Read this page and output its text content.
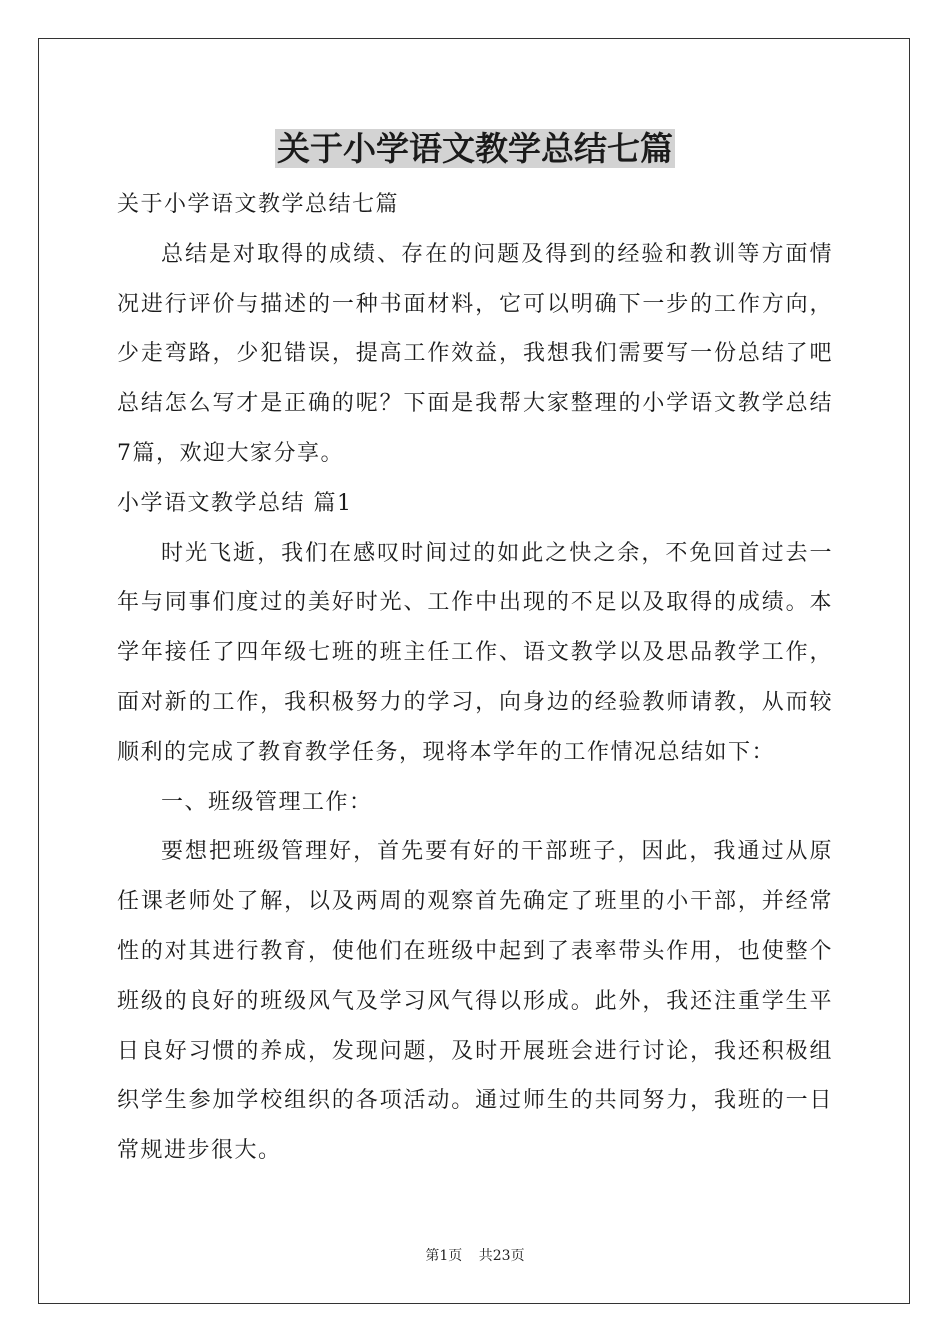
关于小学语文教学总结七篇

关于小学语文教学总结七篇

总结是对取得的成绩、存在的问题及得到的经验和教训等方面情况进行评价与描述的一种书面材料，它可以明确下一步的工作方向，少走弯路，少犯错误，提高工作效益，我想我们需要写一份总结了吧总结怎么写才是正确的呢？下面是我帮大家整理的小学语文教学总结7篇，欢迎大家分享。

小学语文教学总结 篇1

时光飞逝，我们在感叹时间过的如此之快之余，不免回首过去一年与同事们度过的美好时光、工作中出现的不足以及取得的成绩。本学年接任了四年级七班的班主任工作、语文教学以及思品教学工作，面对新的工作，我积极努力的学习，向身边的经验教师请教，从而较顺利的完成了教育教学任务，现将本学年的工作情况总结如下：

一、班级管理工作：

要想把班级管理好，首先要有好的干部班子，因此，我通过从原任课老师处了解，以及两周的观察首先确定了班里的小干部，并经常性的对其进行教育，使他们在班级中起到了表率带头作用，也使整个班级的良好的班级风气及学习风气得以形成。此外，我还注重学生平日良好习惯的养成，发现问题，及时开展班会进行讨论，我还积极组织学生参加学校组织的各项活动。通过师生的共同努力，我班的一日常规进步很大。

第1页 共23页
